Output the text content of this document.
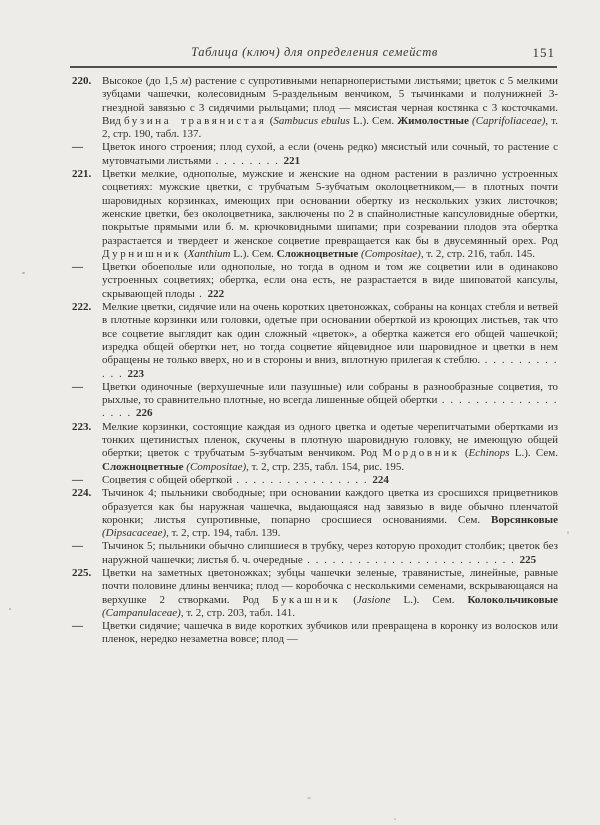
Таблица (ключ) для определения семейств	151
220. Высокое (до 1,5 м) растение с супротивными непарноперистыми листьями; цветок с 5 мелкими зубцами чашечки, колесовидным 5-раздельным венчиком, 5 тычинками и полунижней 3-гнездной завязью с 3 сидячими рыльцами; плод — мясистая черная костянка с 3 косточками. Вид бузина травянистая (Sambucus ebulus L.). Сем. Жимолостные (Caprifoliaceae), т. 2, стр. 190, табл. 137.

—	Цветок иного строения; плод сухой, а если (очень редко) мясистый или сочный, то растение с мутовчатыми листьями . . . . . . . . 221

221. Цветки мелкие, однополые, мужские и женские на одном растении в различно устроенных соцветиях: мужские цветки, с трубчатым 5-зубчатым околоцветником,— в плотных почти шаровидных корзинках, имеющих при основании обертку из нескольких узких листочков; женские цветки, без околоцветника, заключены по 2 в спайнолистные капсуловидные обертки, покрытые прямыми или б. м. крючковидными шипами; при созревании плодов эта обертка разрастается и твердеет и женское соцветие превращается как бы в двусемянный орех. Род Дурнишник (Xanthium L.). Сем. Сложноцветные (Compositae), т. 2, стр. 216, табл. 145.

—	Цветки обоеполые или однополые, но тогда в одном и том же соцветии или в одинаково устроенных соцветиях; обертка, если она есть, не разрастается в виде шиповатой капсулы, скрывающей плоды . 222

222. Мелкие цветки, сидячие или на очень коротких цветоножках, собраны на концах стебля и ветвей в плотные корзинки или головки, одетые при основании оберткой из кроющих листьев, так что все соцветие выглядит как один сложный «цветок», а обертка кажется его общей чашечкой; изредка общей обертки нет, но тогда соцветие яйцевидное или шаровидное и цветки в нем обращены не только вверх, но и в стороны и вниз, вплотную прилегая к стеблю. . . . . . . . . . . . . 223

—	Цветки одиночные (верхушечные или пазушные) или собраны в разнообразные соцветия, то рыхлые, то сравнительно плотные, но всегда лишенные общей обертки . . . . . . . . . . . . . . . . . . 226

223. Мелкие корзинки, состоящие каждая из одного цветка и одетые черепитчатыми обертками из тонких щетинистых пленок, скучены в плотную шаровидную головку, не имеющую общей обертки; цветок с трубчатым 5-зубчатым венчиком. Род Мордовник (Echinops L.). Сем. Сложноцветные (Compositae), т. 2, стр. 235, табл. 154, рис. 195.

—	Соцветия с общей оберткой . . . . . . . . . . . . . . . . 224

224. Тычинок 4; пыльники свободные; при основании каждого цветка из сросшихся прицветников образуется как бы наружная чашечка, выдающаяся над завязью в виде обычно пленчатой коронки; листья супротивные, попарно сросшиеся основаниями. Сем. Ворсянковые (Dipsacaceae), т. 2, стр. 194, табл. 139.

—	Тычинок 5; пыльники обычно слипшиеся в трубку, через которую проходит столбик; цветок без наружной чашечки; листья б. ч. очередные . . . . . . . . . . . . . . . . . . . . . . . . . 225

225. Цветки на заметных цветоножках; зубцы чашечки зеленые, травянистые, линейные, равные почти половине длины венчика; плод — коробочка с несколькими семенами, вскрывающаяся на верхушке 2 створками. Род Букашник (Jasione L.). Сем. Колокольчиковые (Campanulaceae), т. 2, стр. 203, табл. 141.

—	Цветки сидячие; чашечка в виде коротких зубчиков или превращена в коронку из волосков или пленок, нередко незаметна вовсе; плод —
